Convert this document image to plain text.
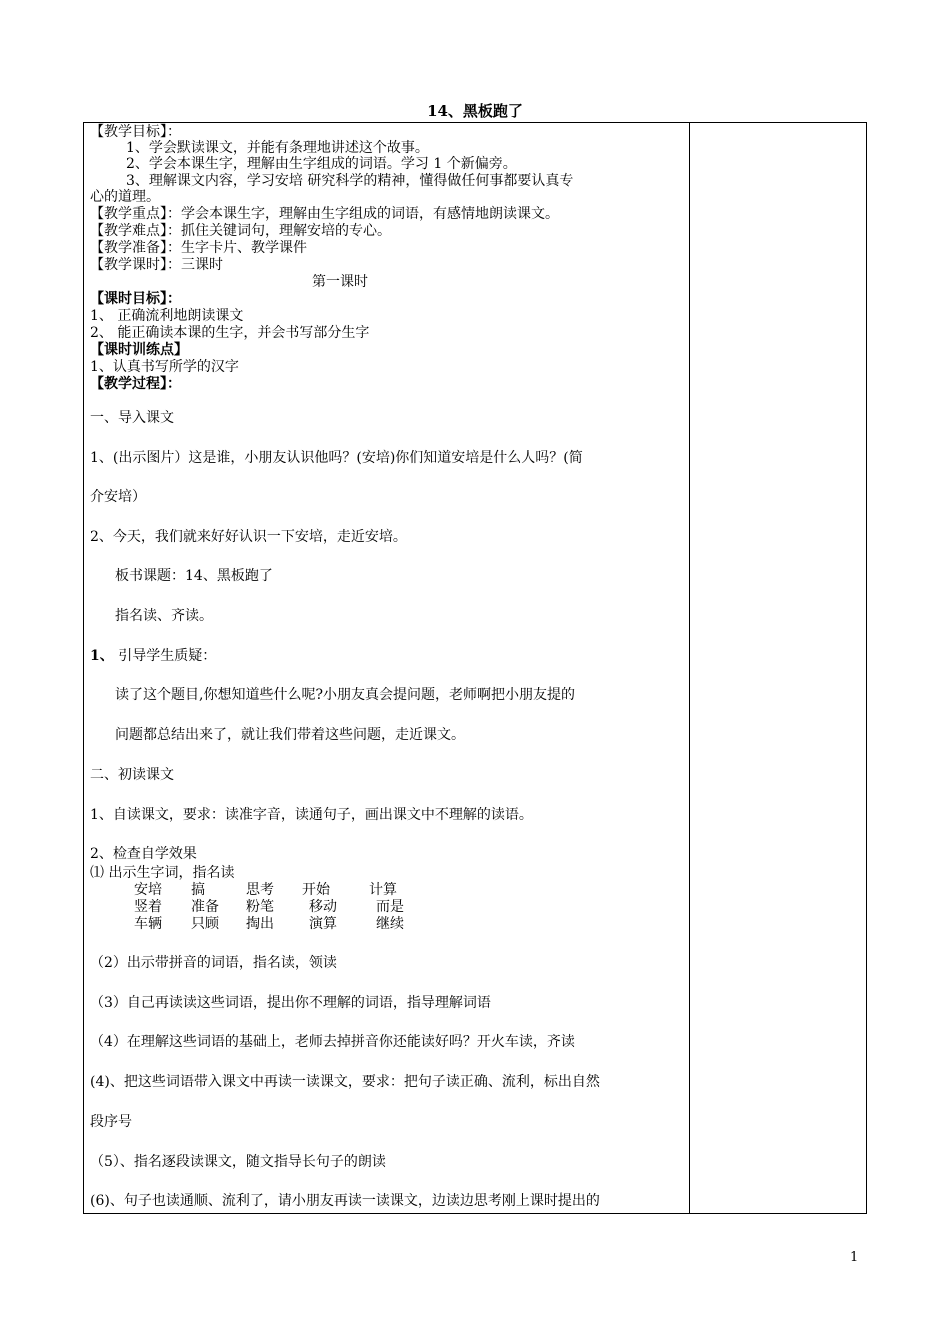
14、黑板跑了
【教学目标】：
1、学会默读课文，并能有条理地讲述这个故事。
2、学会本课生字，理解由生字组成的词语。学习 1 个新偏旁。
3、理解课文内容，学习安培 研究科学的精神，懂得做任何事都要认真专
心的道理。
【教学重点】：学会本课生字，理解由生字组成的词语，有感情地朗读课文。
【教学难点】：抓住关键词句，理解安培的专心。
【教学准备】：生字卡片、教学课件
【教学课时】：三课时
第一课时
【课时目标】：
1、 正确流利地朗读课文
2、 能正确读本课的生字，并会书写部分生字
【课时训练点】
1、认真书写所学的汉字
【教学过程】：
一、导入课文
1、(出示图片）这是谁，小朋友认识他吗？(安培)你们知道安培是什么人吗？(简
介安培）
2、今天，我们就来好好认识一下安培，走近安培。
板书课题：14、黑板跑了
指名读、齐读。
1、 引导学生质疑：
读了这个题目,你想知道些什么呢?小朋友真会提问题，老师啊把小朋友提的
问题都总结出来了，就让我们带着这些问题，走近课文。
二、初读课文
1、自读课文，要求：读准字音，读通句子，画出课文中不理解的读语。
2、检查自学效果
⑴ 出示生字词，指名读
安培 搞	思考 开始	计算
竖着 准备 粉笔	移动	而是
车辆 只顾 掏出	演算	继续
（2）出示带拼音的词语，指名读，领读
（3）自己再读读这些词语，提出你不理解的词语，指导理解词语
（4）在理解这些词语的基础上，老师去掉拼音你还能读好吗？开火车读，齐读
(4)、把这些词语带入课文中再读一读课文，要求：把句子读正确、流利，标出自然
段序号
（5）、指名逐段读课文，随文指导长句子的朗读
(6)、句子也读通顺、流利了，请小朋友再读一读课文，边读边思考刚上课时提出的
1
